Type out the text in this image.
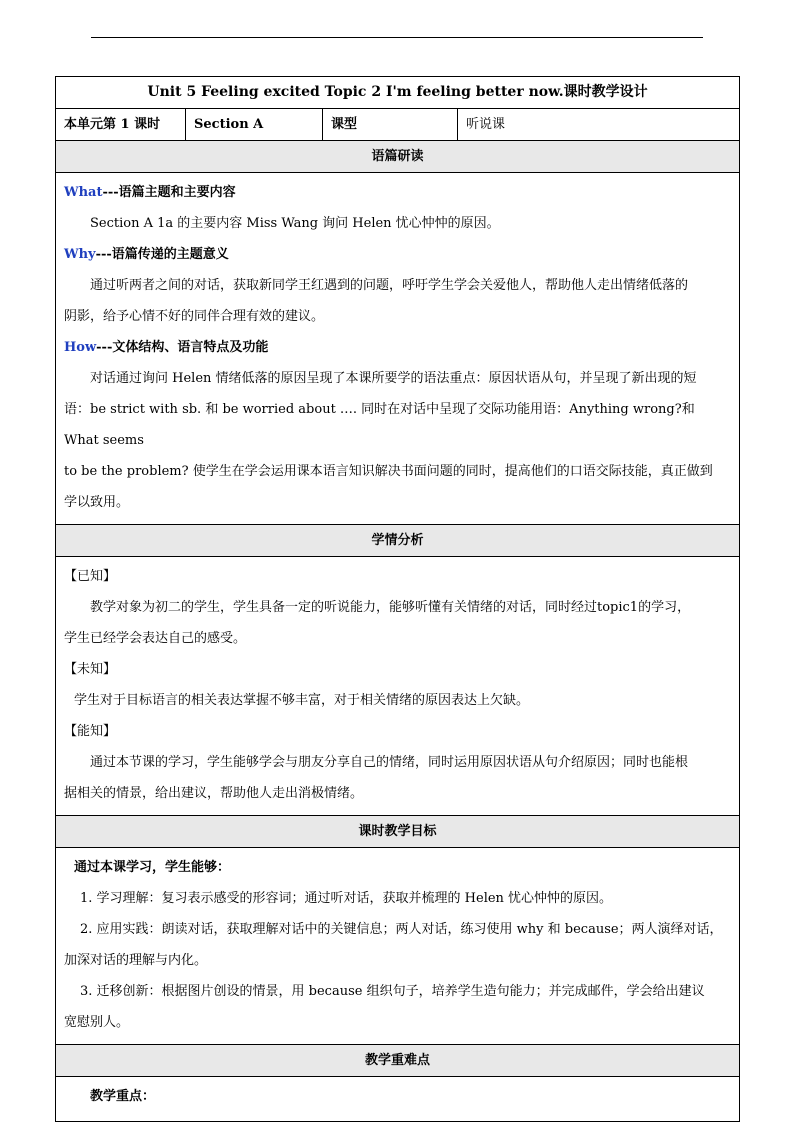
Unit 5 Feeling excited Topic 2 I'm feeling better now.课时教学设计
本单元第 1 课时	Section A	课型	听说课
语篇研读

What---语篇主题和主要内容

Section A 1a 的主要内容 Miss Wang 询问 Helen 忧心忡忡的原因。

Why---语篇传递的主题意义

通过听两者之间的对话，获取新同学王红遇到的问题，呼吁学生学会关爱他人，帮助他人走出情绪低落的

阴影，给予心情不好的同伴合理有效的建议。

How---文体结构、语言特点及功能

对话通过询问 Helen 情绪低落的原因呈现了本课所要学的语法重点：原因状语从句，并呈现了新出现的短

语：be strict with sb. 和 be worried about …. 同时在对话中呈现了交际功能用语：Anything wrong?和 What seems

to be the problem? 使学生在学会运用课本语言知识解决书面问题的同时，提高他们的口语交际技能，真正做到

学以致用。

学情分析

【已知】

教学对象为初二的学生，学生具备一定的听说能力，能够听懂有关情绪的对话，同时经过topic1的学习，

学生已经学会表达自己的感受。

【未知】

学生对于目标语言的相关表达掌握不够丰富，对于相关情绪的原因表达上欠缺。

【能知】

通过本节课的学习，学生能够学会与朋友分享自己的情绪，同时运用原因状语从句介绍原因；同时也能根

据相关的情景，给出建议，帮助他人走出消极情绪。

课时教学目标

通过本课学习，学生能够：

1. 学习理解：复习表示感受的形容词；通过听对话，获取并梳理的 Helen 忧心忡忡的原因。

2. 应用实践：朗读对话，获取理解对话中的关键信息；两人对话，练习使用 why 和 because；两人演绎对话，

加深对话的理解与内化。

3. 迁移创新：根据图片创设的情景，用 because 组织句子，培养学生造句能力；并完成邮件，学会给出建议

宽慰别人。

教学重难点

教学重点：
